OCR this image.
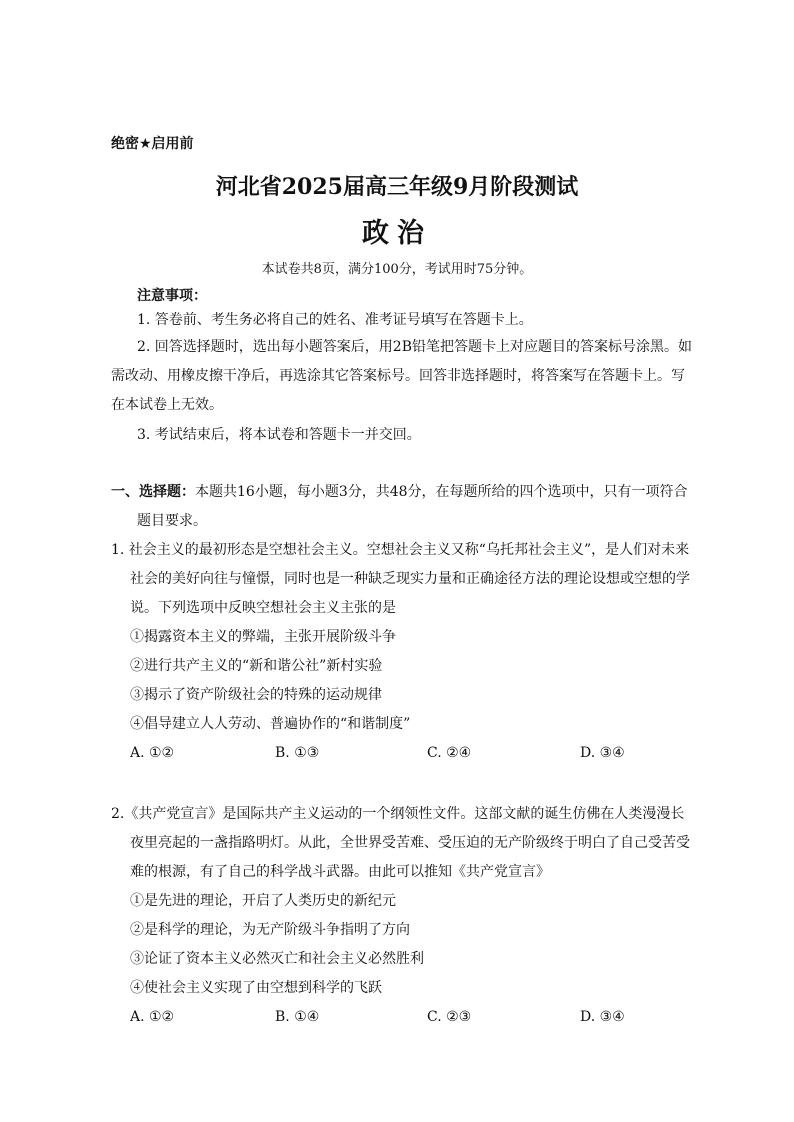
绝密★启用前
河北省2025届高三年级9月阶段测试
政治
本试卷共8页，满分100分，考试用时75分钟。
注意事项：
1. 答卷前、考生务必将自己的姓名、准考证号填写在答题卡上。
2. 回答选择题时，选出每小题答案后，用2B铅笔把答题卡上对应题目的答案标号涂黑。如需改动、用橡皮擦干净后，再选涂其它答案标号。回答非选择题时，将答案写在答题卡上。写在本试卷上无效。
3. 考试结束后，将本试卷和答题卡一并交回。
一、选择题：本题共16小题，每小题3分，共48分，在每题所给的四个选项中，只有一项符合
题目要求。
1. 社会主义的最初形态是空想社会主义。空想社会主义又称“乌托邦社会主义”，是人们对未来社会的美好向往与憧憬，同时也是一种缺乏现实力量和正确途径方法的理论设想或空想的学说。下列选项中反映空想社会主义主张的是
①揭露资本主义的弊端，主张开展阶级斗争
②进行共产主义的“新和谐公社”新村实验
③揭示了资产阶级社会的特殊的运动规律
④倡导建立人人劳动、普遍协作的“和谐制度”
A. ①②	B. ①③	C. ②④	D. ③④
2.《共产党宣言》是国际共产主义运动的一个纲领性文件。这部文献的诞生仿佛在人类漫漫长夜里亮起的一盏指路明灯。从此，全世界受苦难、受压迫的无产阶级终于明白了自己受苦受难的根源，有了自己的科学战斗武器。由此可以推知《共产党宣言》
①是先进的理论，开启了人类历史的新纪元
②是科学的理论，为无产阶级斗争指明了方向
③论证了资本主义必然灭亡和社会主义必然胜利
④使社会主义实现了由空想到科学的飞跃
A. ①②	B. ①④	C. ②③	D. ③④
